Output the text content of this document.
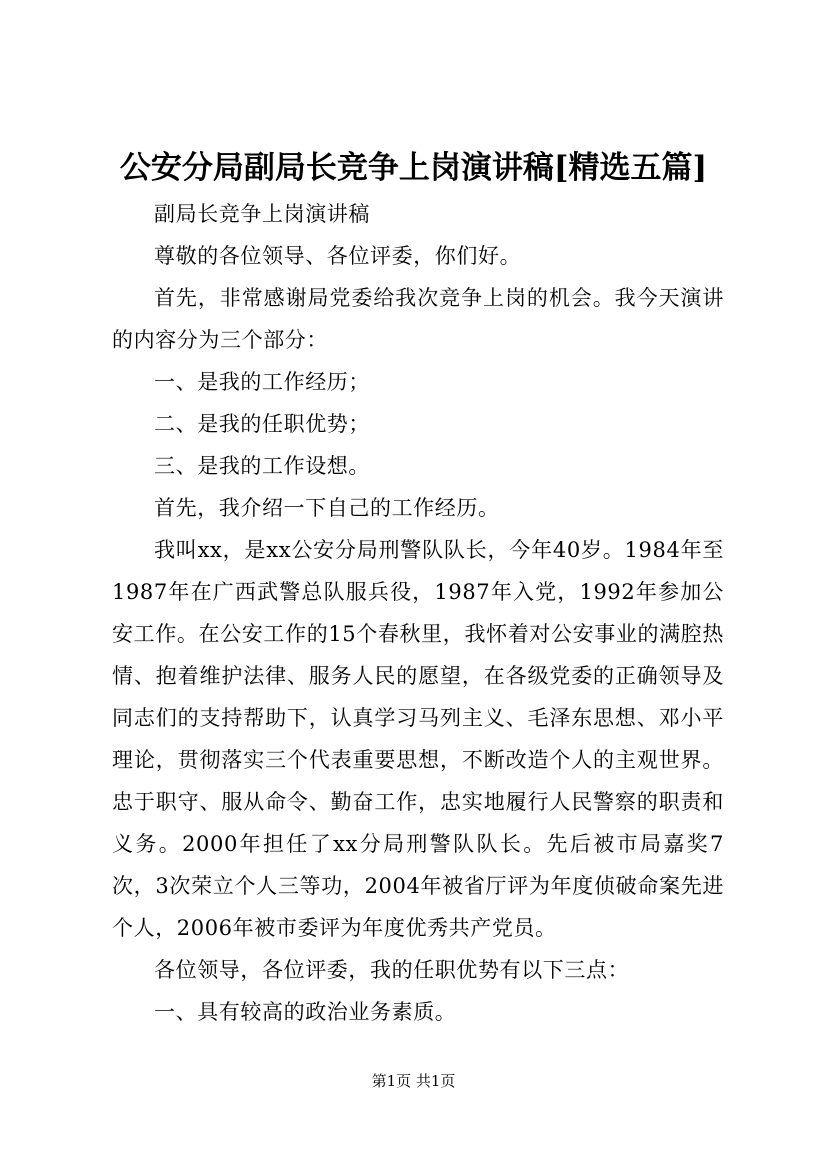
公安分局副局长竞争上岗演讲稿[精选五篇]

副局长竞争上岗演讲稿

尊敬的各位领导、各位评委，你们好。

首先，非常感谢局党委给我次竞争上岗的机会。我今天演讲的内容分为三个部分：

一、是我的工作经历；

二、是我的任职优势；

三、是我的工作设想。

首先，我介绍一下自己的工作经历。

我叫xx，是xx公安分局刑警队队长，今年40岁。1984年至1987年在广西武警总队服兵役，1987年入党，1992年参加公安工作。在公安工作的15个春秋里，我怀着对公安事业的满腔热情、抱着维护法律、服务人民的愿望，在各级党委的正确领导及同志们的支持帮助下，认真学习马列主义、毛泽东思想、邓小平理论，贯彻落实三个代表重要思想，不断改造个人的主观世界。忠于职守、服从命令、勤奋工作，忠实地履行人民警察的职责和义务。2000年担任了xx分局刑警队队长。先后被市局嘉奖7次，3次荣立个人三等功，2004年被省厅评为年度侦破命案先进个人，2006年被市委评为年度优秀共产党员。

各位领导，各位评委，我的任职优势有以下三点：

一、具有较高的政治业务素质。

第1页 共1页
